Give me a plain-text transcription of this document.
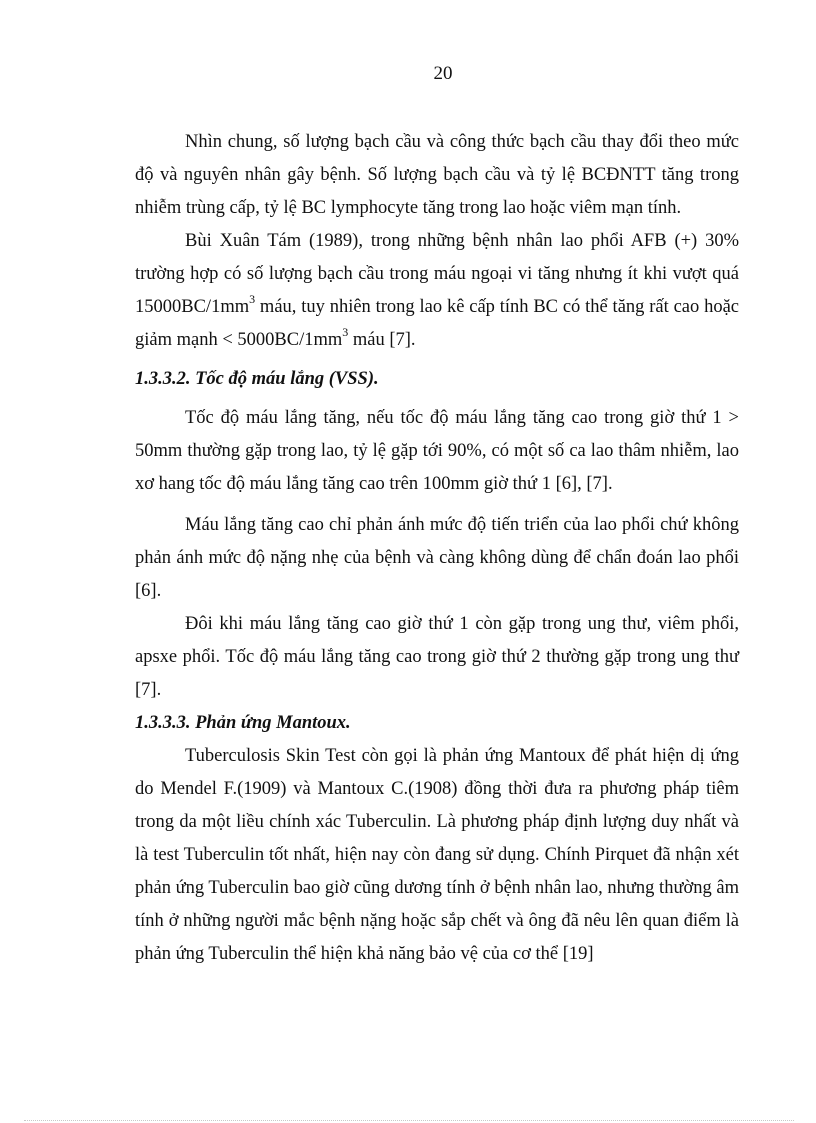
20

Nhìn chung, số lượng bạch cầu và công thức bạch cầu thay đổi theo mức độ và nguyên nhân gây bệnh. Số lượng bạch cầu và tỷ lệ BCĐNTT tăng trong nhiễm trùng cấp, tỷ lệ BC lymphocyte tăng trong lao hoặc viêm mạn tính.

Bùi Xuân Tám (1989), trong những bệnh nhân lao phổi AFB (+) 30% trường hợp có số lượng bạch cầu trong máu ngoại vi tăng nhưng ít khi vượt quá $15000BC/1mm^3$ máu, tuy nhiên trong lao kê cấp tính BC có thể tăng rất cao hoặc giảm mạnh < $5000BC/1mm^3$ máu [7].

1.3.3.2. Tốc độ máu lắng (VSS).

Tốc độ máu lắng tăng, nếu tốc độ máu lắng tăng cao trong giờ thứ 1 > 50mm thường gặp trong lao, tỷ lệ gặp tới 90%, có một số ca lao thâm nhiễm, lao xơ hang tốc độ máu lắng tăng cao trên 100mm giờ thứ 1 [6], [7].

Máu lắng tăng cao chỉ phản ánh mức độ tiến triển của lao phổi chứ không phản ánh mức độ nặng nhẹ của bệnh và càng không dùng để chẩn đoán lao phổi [6].

Đôi khi máu lắng tăng cao giờ thứ 1 còn gặp trong ung thư, viêm phổi, apsxe phổi. Tốc độ máu lắng tăng cao trong giờ thứ 2 thường gặp trong ung thư [7].

1.3.3.3. Phản ứng Mantoux.

Tuberculosis Skin Test còn gọi là phản ứng Mantoux để phát hiện dị ứng do Mendel F.(1909) và Mantoux C.(1908) đồng thời đưa ra phương pháp tiêm trong da một liều chính xác Tuberculin. Là phương pháp định lượng duy nhất và là test Tuberculin tốt nhất, hiện nay còn đang sử dụng. Chính Pirquet đã nhận xét phản ứng Tuberculin bao giờ cũng dương tính ở bệnh nhân lao, nhưng thường âm tính ở những người mắc bệnh nặng hoặc sắp chết và ông đã nêu lên quan điểm là phản ứng Tuberculin thể hiện khả năng bảo vệ của cơ thể [19]
